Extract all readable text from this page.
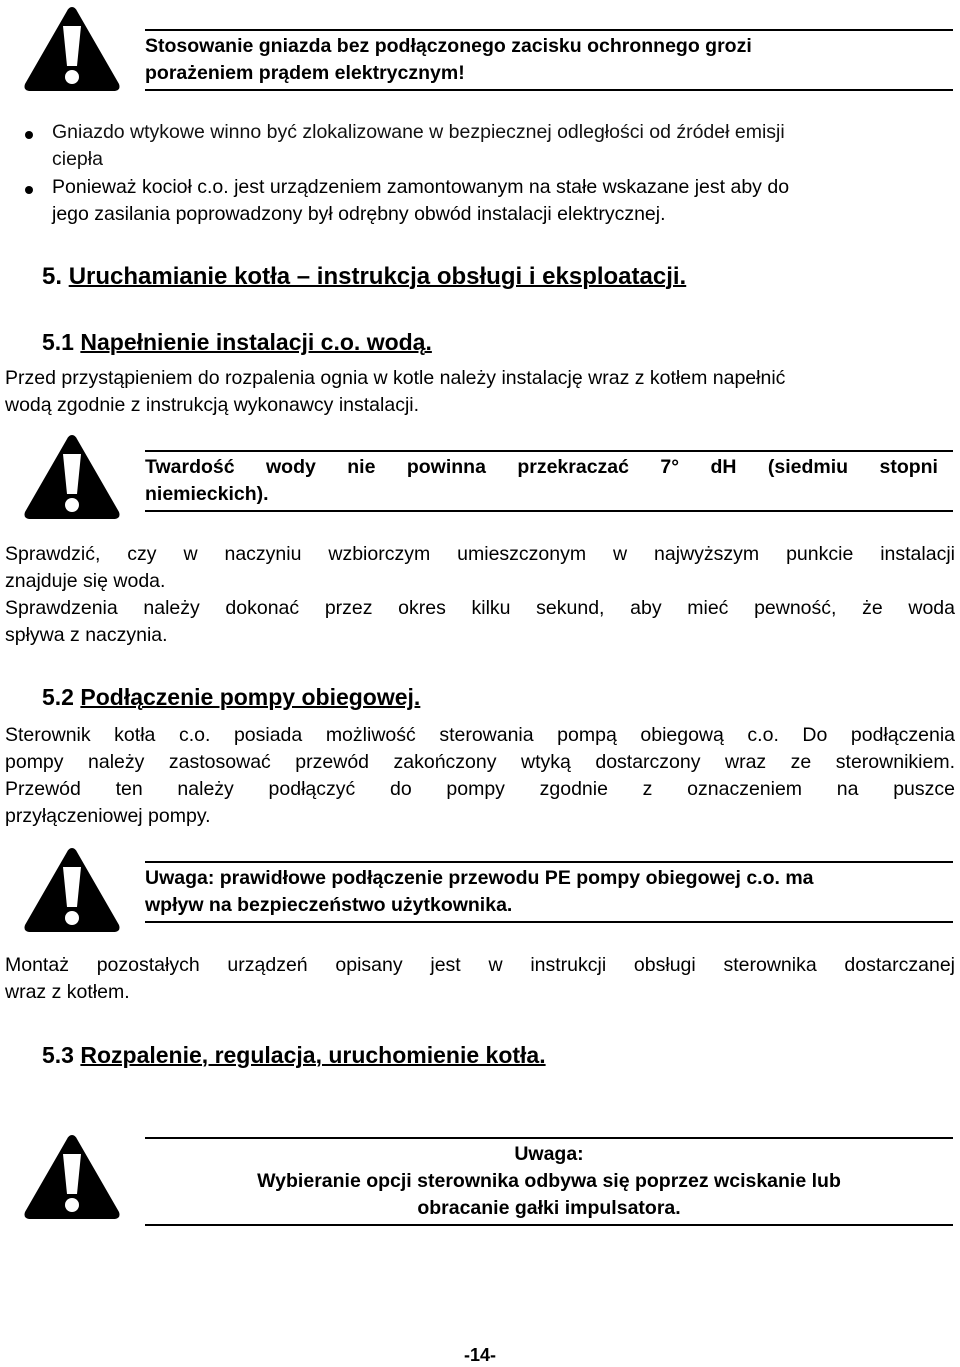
Stosowanie gniazda bez podłączonego zacisku ochronnego grozi
porażeniem prądem elektrycznym!
Gniazdo wtykowe winno być zlokalizowane w bezpiecznej odległości od źródeł emisji
ciepła
Ponieważ kocioł c.o. jest urządzeniem zamontowanym na stałe wskazane jest aby do
jego zasilania poprowadzony był odrębny obwód instalacji elektrycznej.
5. Uruchamianie kotła – instrukcja obsługi i eksploatacji.
5.1 Napełnienie instalacji c.o. wodą.
Przed przystąpieniem do rozpalenia ognia w kotle należy instalację wraz z kotłem napełnić
wodą zgodnie z instrukcją wykonawcy instalacji.
Twardość wody nie powinna przekraczać 7° dH (siedmiu stopni
niemieckich).
Sprawdzić, czy w naczyniu wzbiorczym umieszczonym w najwyższym punkcie instalacji
znajduje się woda.
Sprawdzenia należy dokonać przez okres kilku sekund, aby mieć pewność, że woda
spływa z naczynia.
5.2 Podłączenie pompy obiegowej.
Sterownik kotła c.o. posiada możliwość sterowania pompą obiegową c.o. Do podłączenia
pompy należy zastosować przewód zakończony wtyką dostarczony wraz ze sterownikiem.
Przewód ten należy podłączyć do pompy zgodnie z oznaczeniem na puszce
przyłączeniowej pompy.
Uwaga: prawidłowe podłączenie przewodu PE pompy obiegowej c.o. ma
wpływ na bezpieczeństwo użytkownika.
Montaż pozostałych urządzeń opisany jest w instrukcji obsługi sterownika dostarczanej
wraz z kotłem.
5.3 Rozpalenie, regulacja, uruchomienie kotła.
Uwaga:
Wybieranie opcji sterownika odbywa się poprzez wciskanie lub
obracanie gałki impulsatora.
-14-
